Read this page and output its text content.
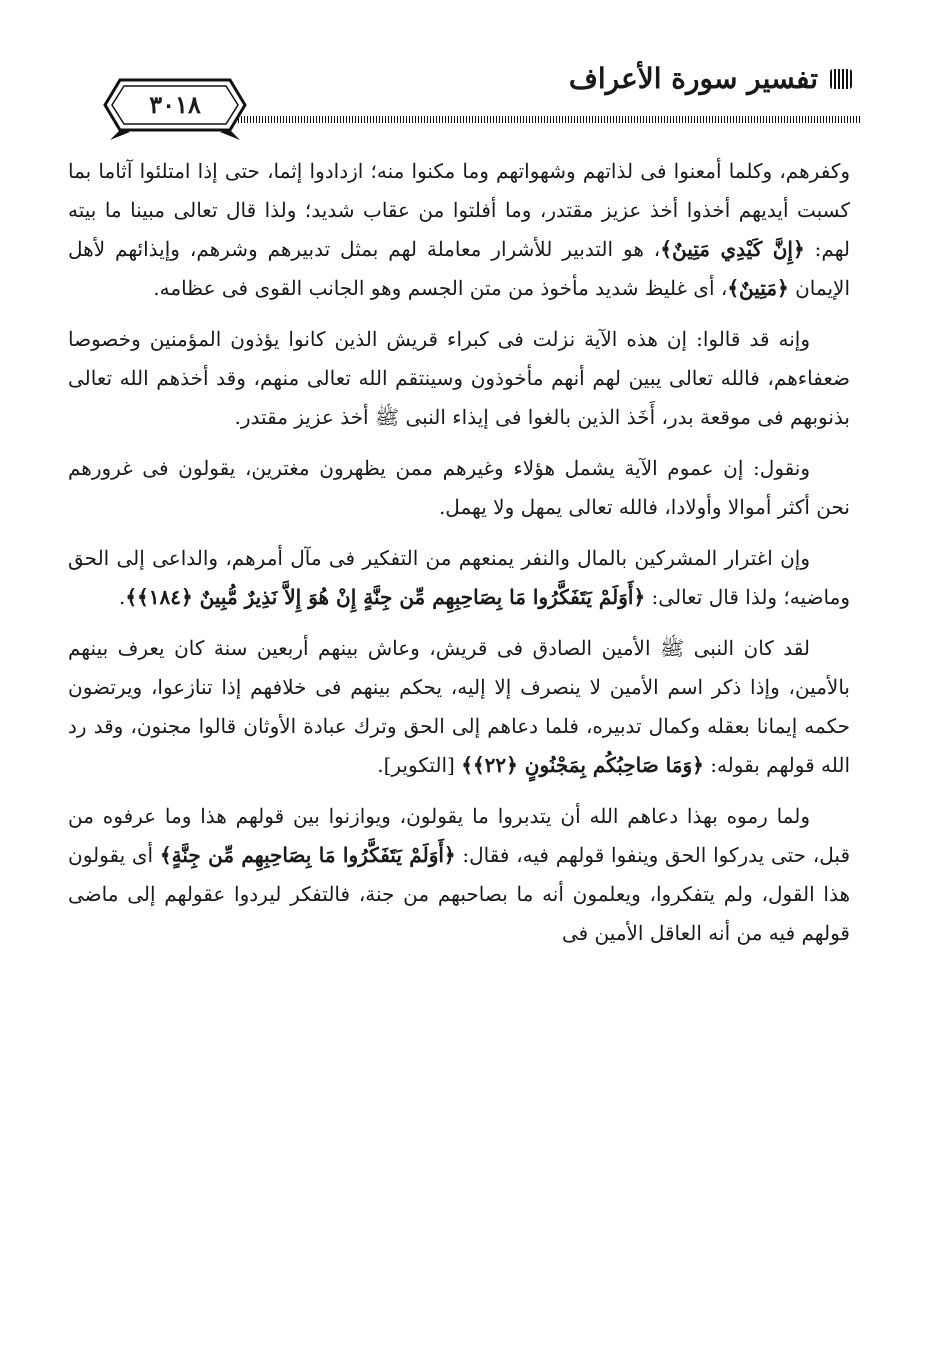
تفسير سورة الأعراف
٣٠١٨

وكفرهم، وكلما أمعنوا فى لذاتهم وشهواتهم وما مكنوا منه؛ ازدادوا إثما، حتى إذا امتلئوا آثاما بما كسبت أيديهم أخذوا أخذ عزيز مقتدر، وما أفلتوا من عقاب شديد؛ ولذا قال تعالى مبينا ما بيته لهم: ﴿إِنَّ كَيْدِي مَتِينٌ﴾، هو التدبير للأشرار معاملة لهم بمثل تدبيرهم وشرهم، وإيذائهم لأهل الإيمان ﴿مَتِينٌ﴾، أى غليظ شديد مأخوذ من متن الجسم وهو الجانب القوى فى عظامه.

وإنه قد قالوا: إن هذه الآية نزلت فى كبراء قريش الذين كانوا يؤذون المؤمنين وخصوصا ضعفاءهم، فالله تعالى يبين لهم أنهم مأخوذون وسينتقم الله تعالى منهم، وقد أخذهم الله تعالى بذنوبهم فى موقعة بدر، أَخَذ الذين بالغوا فى إيذاء النبى ﷺ أخذ عزيز مقتدر.

ونقول: إن عموم الآية يشمل هؤلاء وغيرهم ممن يظهرون مغترين، يقولون فى غرورهم نحن أكثر أموالا وأولادا، فالله تعالى يمهل ولا يهمل.

وإن اغترار المشركين بالمال والنفر يمنعهم من التفكير فى مآل أمرهم، والداعى إلى الحق وماضيه؛ ولذا قال تعالى: ﴿أَوَلَمْ يَتَفَكَّرُوا مَا بِصَاحِبِهِم مِّن جِنَّةٍ إِنْ هُوَ إِلاَّ نَذِيرٌ مُّبِينٌ ﴿١٨٤﴾﴾.

لقد كان النبى ﷺ الأمين الصادق فى قريش، وعاش بينهم أربعين سنة كان يعرف بينهم بالأمين، وإذا ذكر اسم الأمين لا ينصرف إلا إليه، يحكم بينهم فى خلافهم إذا تنازعوا، ويرتضون حكمه إيمانا بعقله وكمال تدبيره، فلما دعاهم إلى الحق وترك عبادة الأوثان قالوا مجنون، وقد رد الله قولهم بقوله: ﴿وَمَا صَاحِبُكُم بِمَجْنُونٍ ﴿٢٢﴾﴾ [التكوير].

ولما رموه بهذا دعاهم الله أن يتدبروا ما يقولون، ويوازنوا بين قولهم هذا وما عرفوه من قبل، حتى يدركوا الحق وينفوا قولهم فيه، فقال: ﴿أَوَلَمْ يَتَفَكَّرُوا مَا بِصَاحِبِهِم مِّن جِنَّةٍ﴾ أى يقولون هذا القول، ولم يتفكروا، ويعلمون أنه ما بصاحبهم من جنة، فالتفكر ليردوا عقولهم إلى ماضى قولهم فيه من أنه العاقل الأمين فى
